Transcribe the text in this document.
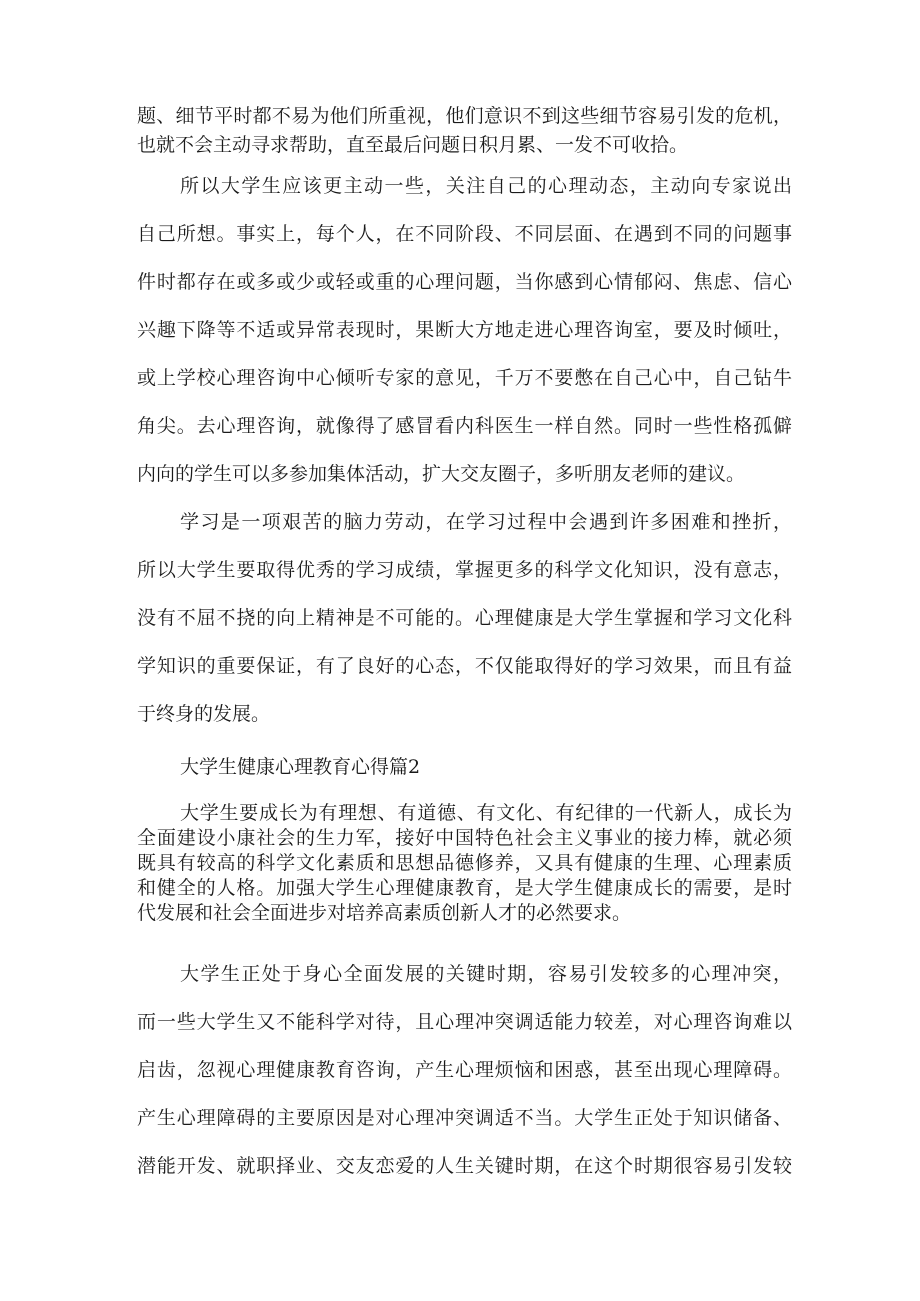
题、细节平时都不易为他们所重视，他们意识不到这些细节容易引发的危机，
也就不会主动寻求帮助，直至最后问题日积月累、一发不可收拾。
所以大学生应该更主动一些，关注自己的心理动态，主动向专家说出
自己所想。事实上，每个人，在不同阶段、不同层面、在遇到不同的问题事
件时都存在或多或少或轻或重的心理问题，当你感到心情郁闷、焦虑、信心
兴趣下降等不适或异常表现时，果断大方地走进心理咨询室，要及时倾吐，
或上学校心理咨询中心倾听专家的意见，千万不要憋在自己心中，自己钻牛
角尖。去心理咨询，就像得了感冒看内科医生一样自然。同时一些性格孤僻
内向的学生可以多参加集体活动，扩大交友圈子，多听朋友老师的建议。
学习是一项艰苦的脑力劳动，在学习过程中会遇到许多困难和挫折，
所以大学生要取得优秀的学习成绩，掌握更多的科学文化知识，没有意志，
没有不屈不挠的向上精神是不可能的。心理健康是大学生掌握和学习文化科
学知识的重要保证，有了良好的心态，不仅能取得好的学习效果，而且有益
于终身的发展。
大学生健康心理教育心得篇2
大学生要成长为有理想、有道德、有文化、有纪律的一代新人，成长为
全面建设小康社会的生力军，接好中国特色社会主义事业的接力棒，就必须
既具有较高的科学文化素质和思想品德修养，又具有健康的生理、心理素质
和健全的人格。加强大学生心理健康教育，是大学生健康成长的需要，是时
代发展和社会全面进步对培养高素质创新人才的必然要求。
大学生正处于身心全面发展的关键时期，容易引发较多的心理冲突，
而一些大学生又不能科学对待，且心理冲突调适能力较差，对心理咨询难以
启齿，忽视心理健康教育咨询，产生心理烦恼和困惑，甚至出现心理障碍。
产生心理障碍的主要原因是对心理冲突调适不当。大学生正处于知识储备、
潜能开发、就职择业、交友恋爱的人生关键时期，在这个时期很容易引发较
